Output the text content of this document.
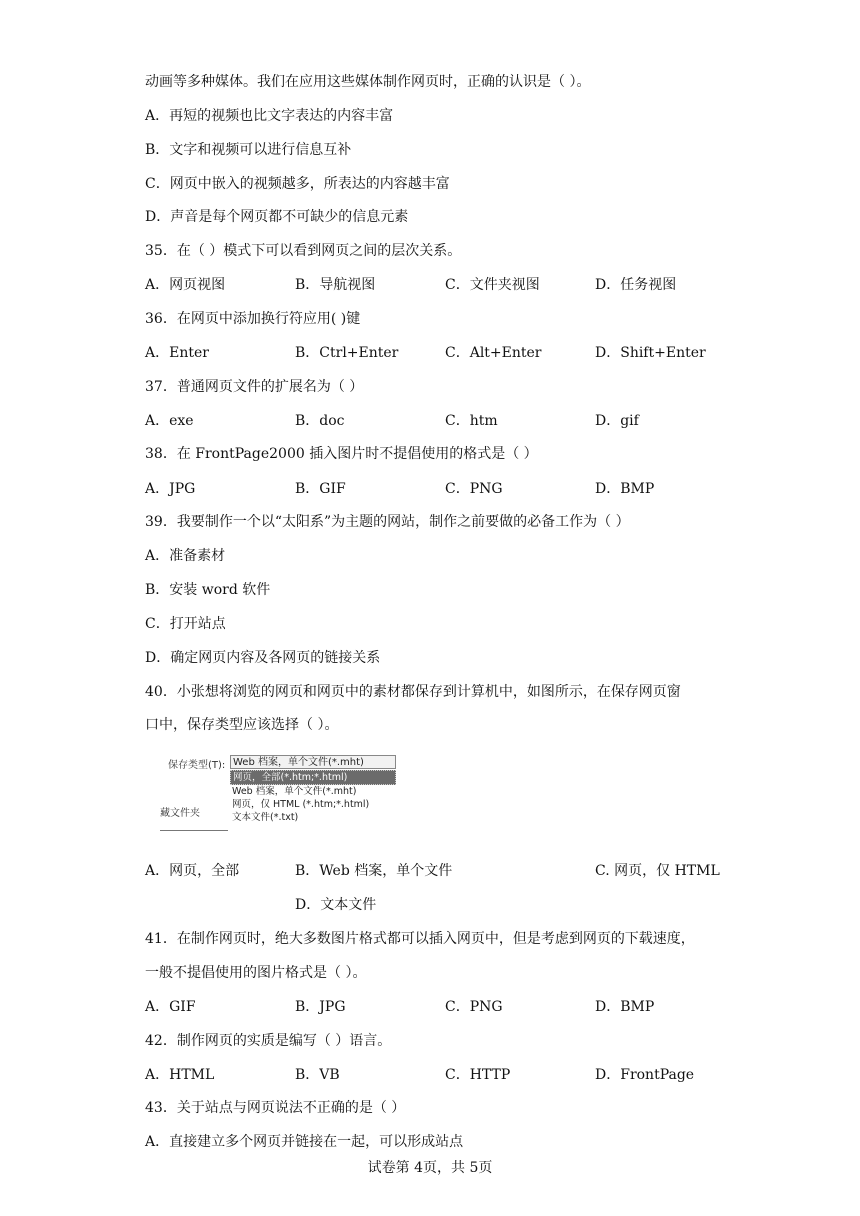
动画等多种媒体。我们在应用这些媒体制作网页时，正确的认识是（ ）。
A．再短的视频也比文字表达的内容丰富
B．文字和视频可以进行信息互补
C．网页中嵌入的视频越多，所表达的内容越丰富
D．声音是每个网页都不可缺少的信息元素
35．在（ ）模式下可以看到网页之间的层次关系。
A．网页视图	B．导航视图	C．文件夹视图	D．任务视图
36．在网页中添加换行符应用( )键
A．Enter	B．Ctrl+Enter	C．Alt+Enter	D．Shift+Enter
37．普通网页文件的扩展名为（ ）
A．exe	B．doc	C．htm	D．gif
38．在 FrontPage2000 插入图片时不提倡使用的格式是（ ）
A．JPG	B．GIF	C．PNG	D．BMP
39．我要制作一个以“太阳系”为主题的网站，制作之前要做的必备工作为（ ）
A．准备素材
B．安装 word 软件
C．打开站点
D．确定网页内容及各网页的链接关系
40．小张想将浏览的网页和网页中的素材都保存到计算机中，如图所示，在保存网页窗
口中，保存类型应该选择（ ）。
保存类型(T): Web 档案，单个文件(*.mht)
网页，全部(*.htm;*.html)
Web 档案，单个文件(*.mht)
网页，仅 HTML (*.htm;*.html)
文本文件(*.txt)
藏文件夹
A．网页，全部	B．Web 档案，单个文件	C. 网页，仅 HTML
D．文本文件
41．在制作网页时，绝大多数图片格式都可以插入网页中，但是考虑到网页的下载速度，
一般不提倡使用的图片格式是（ ）。
A．GIF	B．JPG	C．PNG	D．BMP
42．制作网页的实质是编写（ ）语言。
A．HTML	B．VB	C．HTTP	D．FrontPage
43．关于站点与网页说法不正确的是（ ）
A．直接建立多个网页并链接在一起，可以形成站点
试卷第 4页，共 5页
